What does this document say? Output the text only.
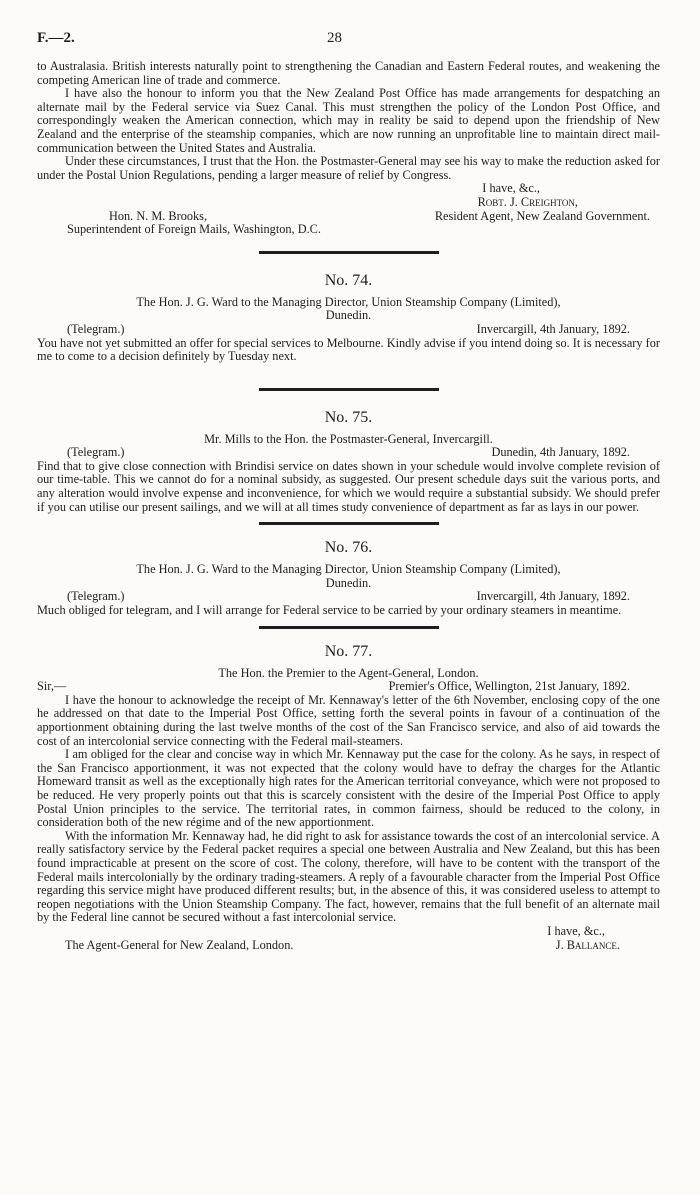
F.—2.	28

to Australasia. British interests naturally point to strengthening the Canadian and Eastern Federal routes, and weakening the competing American line of trade and commerce.

I have also the honour to inform you that the New Zealand Post Office has made arrangements for despatching an alternate mail by the Federal service via Suez Canal. This must strengthen the policy of the London Post Office, and correspondingly weaken the American connection, which may in reality be said to depend upon the friendship of New Zealand and the enterprise of the steamship companies, which are now running an unprofitable line to maintain direct mail-communication between the United States and Australia.

Under these circumstances, I trust that the Hon. the Postmaster-General may see his way to make the reduction asked for under the Postal Union Regulations, pending a larger measure of relief by Congress.

I have, &c.,
Robt. J. Creighton,
Hon. N. M. Brooks,	Resident Agent, New Zealand Government.
Superintendent of Foreign Mails, Washington, D.C.
No. 74.
The Hon. J. G. Ward to the Managing Director, Union Steamship Company (Limited),
Dunedin.
(Telegram.)	Invercargill, 4th January, 1892.

You have not yet submitted an offer for special services to Melbourne. Kindly advise if you intend doing so. It is necessary for me to come to a decision definitely by Tuesday next.

No. 75.
Mr. Mills to the Hon. the Postmaster-General, Invercargill.
(Telegram.)	Dunedin, 4th January, 1892.

Find that to give close connection with Brindisi service on dates shown in your schedule would involve complete revision of our time-table. This we cannot do for a nominal subsidy, as suggested. Our present schedule days suit the various ports, and any alteration would involve expense and inconvenience, for which we would require a substantial subsidy. We should prefer if you can utilise our present sailings, and we will at all times study convenience of department as far as lays in our power.

No. 76.
The Hon. J. G. Ward to the Managing Director, Union Steamship Company (Limited),
Dunedin.
(Telegram.)	Invercargill, 4th January, 1892.

Much obliged for telegram, and I will arrange for Federal service to be carried by your ordinary steamers in meantime.

No. 77.
The Hon. the Premier to the Agent-General, London.
Sir,—	Premier's Office, Wellington, 21st January, 1892.

I have the honour to acknowledge the receipt of Mr. Kennaway's letter of the 6th November, enclosing copy of the one he addressed on that date to the Imperial Post Office, setting forth the several points in favour of a continuation of the apportionment obtaining during the last twelve months of the cost of the San Francisco service, and also of aid towards the cost of an intercolonial service connecting with the Federal mail-steamers.

I am obliged for the clear and concise way in which Mr. Kennaway put the case for the colony. As he says, in respect of the San Francisco apportionment, it was not expected that the colony would have to defray the charges for the Atlantic Homeward transit as well as the exceptionally high rates for the American territorial conveyance, which were not proposed to be reduced. He very properly points out that this is scarcely consistent with the desire of the Imperial Post Office to apply Postal Union principles to the service. The territorial rates, in common fairness, should be reduced to the colony, in consideration both of the new régime and of the new apportionment.

With the information Mr. Kennaway had, he did right to ask for assistance towards the cost of an intercolonial service. A really satisfactory service by the Federal packet requires a special one between Australia and New Zealand, but this has been found impracticable at present on the score of cost. The colony, therefore, will have to be content with the transport of the Federal mails intercolonially by the ordinary trading-steamers. A reply of a favourable character from the Imperial Post Office regarding this service might have produced different results; but, in the absence of this, it was considered useless to attempt to reopen negotiations with the Union Steamship Company. The fact, however, remains that the full benefit of an alternate mail by the Federal line cannot be secured without a fast intercolonial service.

I have, &c.,
The Agent-General for New Zealand, London.	J. Ballance.
